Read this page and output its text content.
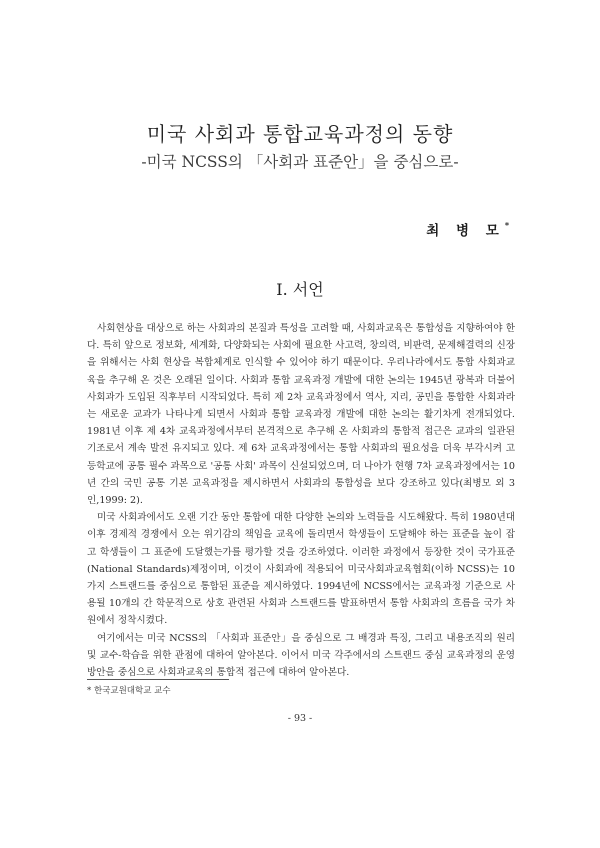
미국 사회과 통합교육과정의 동향
-미국 NCSS의 「사회과 표준안」을 중심으로-
최 병 모*
Ⅰ. 서언

사회현상을 대상으로 하는 사회과의 본질과 특성을 고려할 때, 사회과교육은 통합성을 지향하여야 한다. 특히 앞으로 정보화, 세계화, 다양화되는 사회에 필요한 사고력, 창의력, 비판력, 문제해결력의 신장을 위해서는 사회 현상을 복합체계로 인식할 수 있어야 하기 때문이다. 우리나라에서도 통합 사회과교육을 추구해 온 것은 오래된 일이다. 사회과 통합 교육과정 개발에 대한 논의는 1945년 광복과 더불어 사회과가 도입된 직후부터 시작되었다. 특히 제 2차 교육과정에서 역사, 지리, 공민을 통합한 사회과라는 새로운 교과가 나타나게 되면서 사회과 통합 교육과정 개발에 대한 논의는 활기차게 전개되었다. 1981년 이후 제 4차 교육과정에서부터 본격적으로 추구해 온 사회과의 통합적 접근은 교과의 일관된 기조로서 계속 발전 유지되고 있다. 제 6차 교육과정에서는 통합 사회과의 필요성을 더욱 부각시켜 고등학교에 공통 필수 과목으로 '공통 사회' 과목이 신설되었으며, 더 나아가 현행 7차 교육과정에서는 10년 간의 국민 공통 기본 교육과정을 제시하면서 사회과의 통합성을 보다 강조하고 있다(최병모 외 3 인,1999: 2).

미국 사회과에서도 오랜 기간 동안 통합에 대한 다양한 논의와 노력들을 시도해왔다. 특히 1980년대 이후 경제적 경쟁에서 오는 위기감의 책임을 교육에 돌리면서 학생들이 도달해야 하는 표준을 높이 잡고 학생들이 그 표준에 도달했는가를 평가할 것을 강조하였다. 이러한 과정에서 등장한 것이 국가표준(National Standards)제정이며, 이것이 사회과에 적용되어 미국사회과교육협회(이하 NCSS)는 10가지 스트랜드를 중심으로 통합된 표준을 제시하였다. 1994년에 NCSS에서는 교육과정 기준으로 사용될 10개의 간 학문적으로 상호 관련된 사회과 스트랜드를 발표하면서 통합 사회과의 흐름을 국가 차원에서 정착시켰다.

여기에서는 미국 NCSS의 「사회과 표준안」을 중심으로 그 배경과 특징, 그리고 내용조직의 원리 및 교수-학습을 위한 관점에 대하여 알아본다. 이어서 미국 각주에서의 스트랜드 중심 교육과정의 운영방안을 중심으로 사회과교육의 통합적 접근에 대하여 알아본다.

* 한국교원대학교 교수
- 93 -
